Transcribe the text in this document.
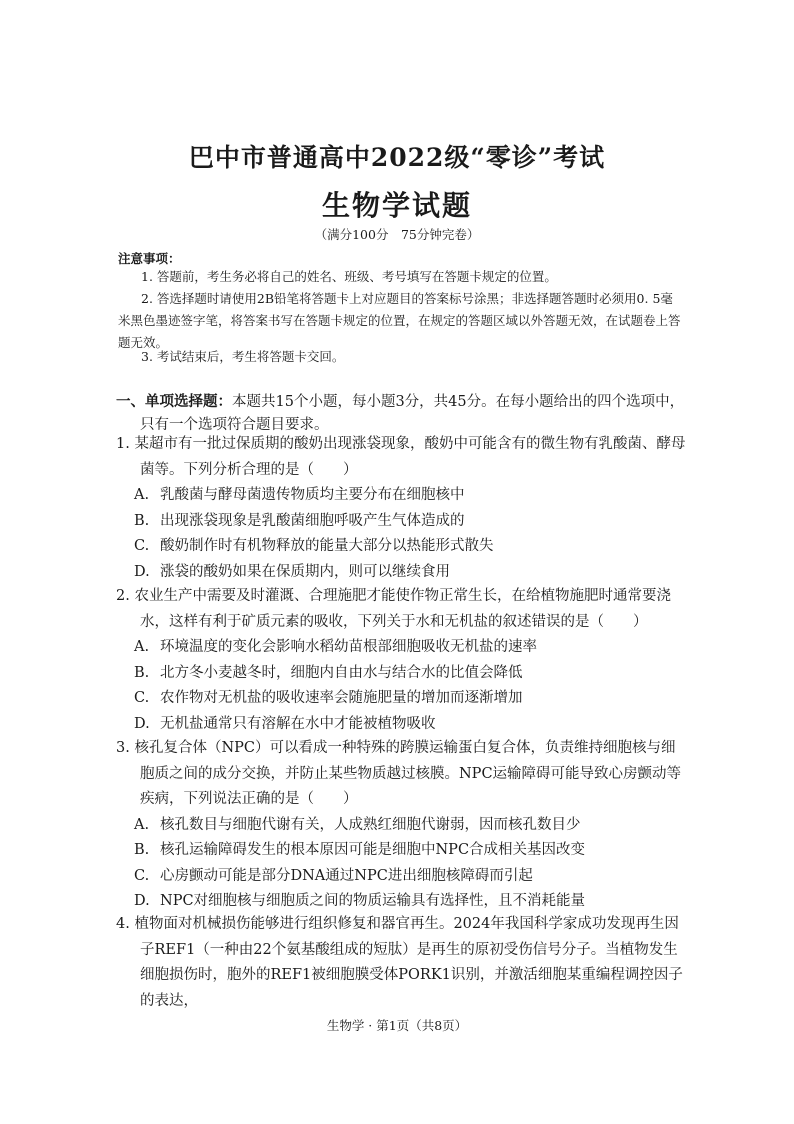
巴中市普通高中2022级“零诊”考试
生物学试题
（满分100分　75分钟完卷）
注意事项：
1. 答题前，考生务必将自己的姓名、班级、考号填写在答题卡规定的位置。
2. 答选择题时请使用2B铅笔将答题卡上对应题目的答案标号涂黑；非选择题答题时必须用0. 5毫米黑色墨迹签字笔，将答案书写在答题卡规定的位置，在规定的答题区域以外答题无效，在试题卷上答题无效。
3. 考试结束后，考生将答题卡交回。
一、单项选择题：本题共15个小题，每小题3分，共45分。在每小题给出的四个选项中，
只有一个选项符合题目要求。
1. 某超市有一批过保质期的酸奶出现涨袋现象，酸奶中可能含有的微生物有乳酸菌、酵母菌等。下列分析合理的是（　　）
A. 乳酸菌与酵母菌遗传物质均主要分布在细胞核中
B. 出现涨袋现象是乳酸菌细胞呼吸产生气体造成的
C. 酸奶制作时有机物释放的能量大部分以热能形式散失
D. 涨袋的酸奶如果在保质期内，则可以继续食用
2. 农业生产中需要及时灌溉、合理施肥才能使作物正常生长，在给植物施肥时通常要浇水，这样有利于矿质元素的吸收，下列关于水和无机盐的叙述错误的是（　　）
A. 环境温度的变化会影响水稻幼苗根部细胞吸收无机盐的速率
B. 北方冬小麦越冬时，细胞内自由水与结合水的比值会降低
C. 农作物对无机盐的吸收速率会随施肥量的增加而逐渐增加
D. 无机盐通常只有溶解在水中才能被植物吸收
3. 核孔复合体（NPC）可以看成一种特殊的跨膜运输蛋白复合体，负责维持细胞核与细胞质之间的成分交换，并防止某些物质越过核膜。NPC运输障碍可能导致心房颤动等疾病，下列说法正确的是（　　）
A. 核孔数目与细胞代谢有关，人成熟红细胞代谢弱，因而核孔数目少
B. 核孔运输障碍发生的根本原因可能是细胞中NPC合成相关基因改变
C. 心房颤动可能是部分DNA通过NPC进出细胞核障碍而引起
D. NPC对细胞核与细胞质之间的物质运输具有选择性，且不消耗能量
4. 植物面对机械损伤能够进行组织修复和器官再生。2024年我国科学家成功发现再生因子REF1（一种由22个氨基酸组成的短肽）是再生的原初受伤信号分子。当植物发生细胞损伤时，胞外的REF1被细胞膜受体PORK1识别，并激活细胞某重编程调控因子的表达，
生物学 · 第1页（共8页）
